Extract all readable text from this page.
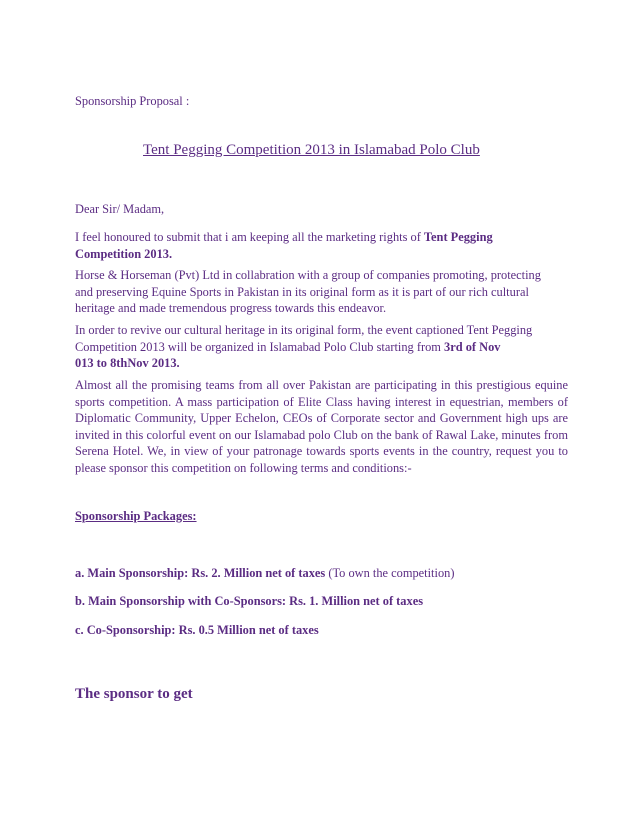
Sponsorship Proposal :
Tent Pegging Competition 2013 in Islamabad Polo Club
Dear Sir/ Madam,
I feel honoured to submit that i am keeping all the marketing rights of Tent Pegging
Competition 2013.
Horse & Horseman (Pvt) Ltd in collabration with a group of companies promoting, protecting
and preserving Equine Sports in Pakistan in its original form as it is part of our rich cultural
heritage and made tremendous progress towards this endeavor.
In order to revive our cultural heritage in its original form, the event captioned Tent Pegging
Competition 2013 will be organized in Islamabad Polo Club starting from 3rd of Nov
013 to 8thNov 2013.
Almost all the promising teams from all over Pakistan are participating in this prestigious equine sports competition. A mass participation of Elite Class having interest in equestrian, members of Diplomatic Community, Upper Echelon, CEOs of Corporate sector and Government high ups are invited in this colorful event on our Islamabad polo Club on the bank of Rawal Lake, minutes from Serena Hotel. We, in view of your patronage towards sports events in the country, request you to please sponsor this competition on following terms and conditions:-
Sponsorship Packages:
a. Main Sponsorship: Rs. 2. Million net of taxes (To own the competition)
b. Main Sponsorship with Co-Sponsors: Rs. 1. Million net of taxes
c. Co-Sponsorship: Rs. 0.5 Million net of taxes
The sponsor to get
